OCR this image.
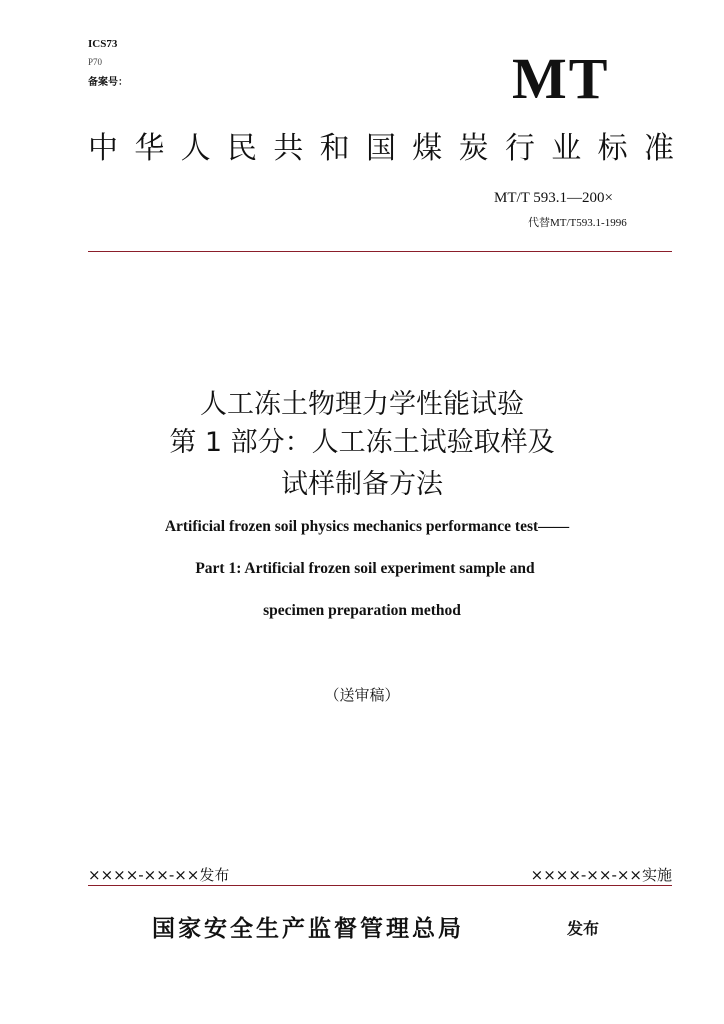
ICS73
P70
备案号：	MT
中 华 人 民 共 和 国 煤 炭 行 业 标 准
MT/T 593.1—200×
代替MT/T593.1-1996
人工冻土物理力学性能试验
第 1 部分：人工冻土试验取样及
试样制备方法
Artificial frozen soil physics mechanics performance test——
Part 1: Artificial frozen soil experiment sample and
specimen preparation method
（送审稿）
××××-××-××发布	××××-××-××实施
国家安全生产监督管理总局	发布
